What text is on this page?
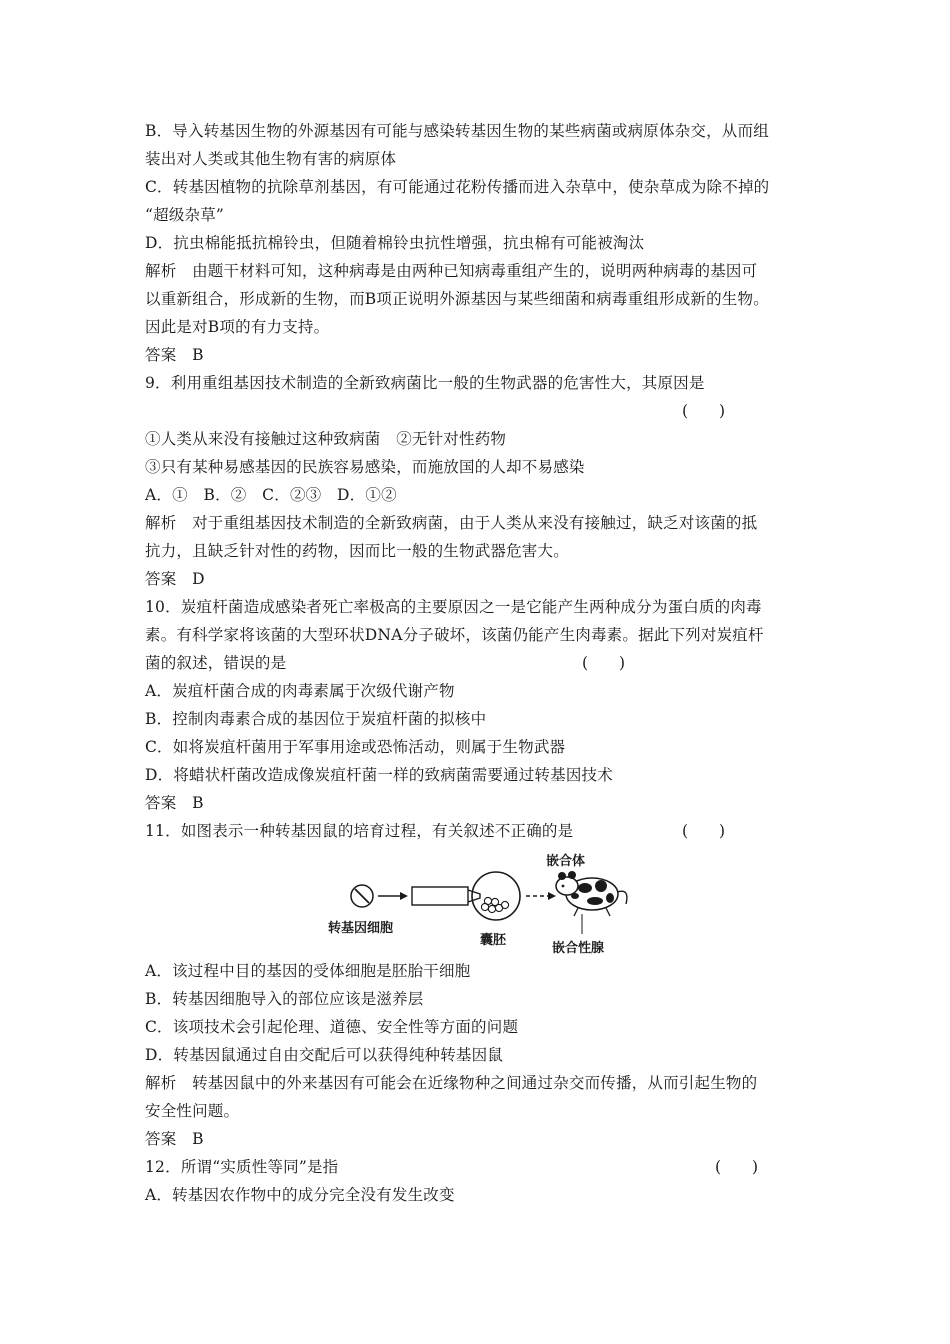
B．导入转基因生物的外源基因有可能与感染转基因生物的某些病菌或病原体杂交，从而组
装出对人类或其他生物有害的病原体
C．转基因植物的抗除草剂基因，有可能通过花粉传播而进入杂草中，使杂草成为除不掉的
“超级杂草”
D．抗虫棉能抵抗棉铃虫，但随着棉铃虫抗性增强，抗虫棉有可能被淘汰
解析　由题干材料可知，这种病毒是由两种已知病毒重组产生的，说明两种病毒的基因可
以重新组合，形成新的生物，而B项正说明外源基因与某些细菌和病毒重组形成新的生物。
因此是对B项的有力支持。
答案　B
9．利用重组基因技术制造的全新致病菌比一般的生物武器的危害性大，其原因是
(　　)
①人类从来没有接触过这种致病菌　②无针对性药物
③只有某种易感基因的民族容易感染，而施放国的人却不易感染
A．①　B．②　C．②③　D．①②
解析　对于重组基因技术制造的全新致病菌，由于人类从来没有接触过，缺乏对该菌的抵
抗力，且缺乏针对性的药物，因而比一般的生物武器危害大。
答案　D
10．炭疽杆菌造成感染者死亡率极高的主要原因之一是它能产生两种成分为蛋白质的肉毒
素。有科学家将该菌的大型环状DNA分子破坏，该菌仍能产生肉毒素。据此下列对炭疽杆
菌的叙述，错误的是	(　　)
A．炭疽杆菌合成的肉毒素属于次级代谢产物
B．控制肉毒素合成的基因位于炭疽杆菌的拟核中
C．如将炭疽杆菌用于军事用途或恐怖活动，则属于生物武器
D．将蜡状杆菌改造成像炭疽杆菌一样的致病菌需要通过转基因技术
答案　B
11．如图表示一种转基因鼠的培育过程，有关叙述不正确的是	(　　)
转基因细胞
囊胚
嵌合体
嵌合性腺
A．该过程中目的基因的受体细胞是胚胎干细胞
B．转基因细胞导入的部位应该是滋养层
C．该项技术会引起伦理、道德、安全性等方面的问题
D．转基因鼠通过自由交配后可以获得纯种转基因鼠
解析　转基因鼠中的外来基因有可能会在近缘物种之间通过杂交而传播，从而引起生物的
安全性问题。
答案　B
12．所谓“实质性等同”是指	(　　)
A．转基因农作物中的成分完全没有发生改变
